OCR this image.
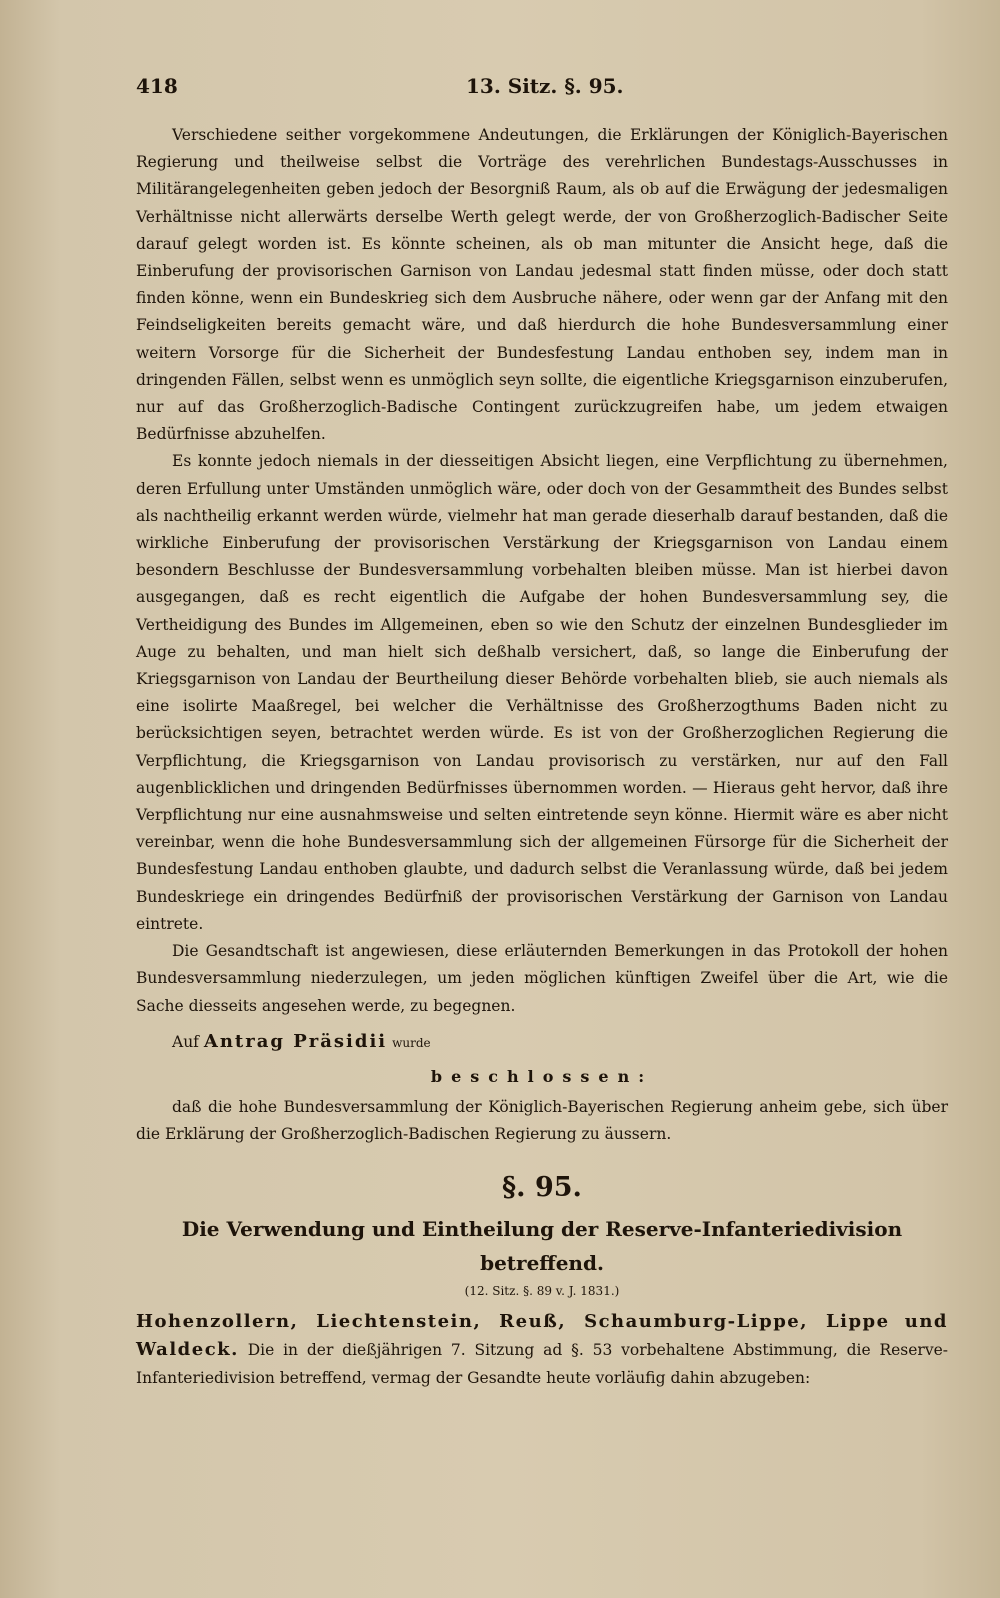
418	13. Sitz. §. 95.

Verschiedene seither vorgekommene Andeutungen, die Erklärungen der Königlich-Bayerischen Regierung und theilweise selbst die Vorträge des verehrlichen Bundestags-Ausschusses in Militärangelegenheiten geben jedoch der Besorgniß Raum, als ob auf die Erwägung der jedesmaligen Verhältnisse nicht allerwärts derselbe Werth gelegt werde, der von Großherzoglich-Badischer Seite darauf gelegt worden ist. Es könnte scheinen, als ob man mitunter die Ansicht hege, daß die Einberufung der provisorischen Garnison von Landau jedesmal statt finden müsse, oder doch statt finden könne, wenn ein Bundeskrieg sich dem Ausbruche nähere, oder wenn gar der Anfang mit den Feindseligkeiten bereits gemacht wäre, und daß hierdurch die hohe Bundesversammlung einer weitern Vorsorge für die Sicherheit der Bundesfestung Landau enthoben sey, indem man in dringenden Fällen, selbst wenn es unmöglich seyn sollte, die eigentliche Kriegsgarnison einzuberufen, nur auf das Großherzoglich-Badische Contingent zurückzugreifen habe, um jedem etwaigen Bedürfnisse abzuhelfen.

Es konnte jedoch niemals in der diesseitigen Absicht liegen, eine Verpflichtung zu übernehmen, deren Erfullung unter Umständen unmöglich wäre, oder doch von der Gesammtheit des Bundes selbst als nachtheilig erkannt werden würde, vielmehr hat man gerade dieserhalb darauf bestanden, daß die wirkliche Einberufung der provisorischen Verstärkung der Kriegsgarnison von Landau einem besondern Beschlusse der Bundesversammlung vorbehalten bleiben müsse. Man ist hierbei davon ausgegangen, daß es recht eigentlich die Aufgabe der hohen Bundesversammlung sey, die Vertheidigung des Bundes im Allgemeinen, eben so wie den Schutz der einzelnen Bundesglieder im Auge zu behalten, und man hielt sich deßhalb versichert, daß, so lange die Einberufung der Kriegsgarnison von Landau der Beurtheilung dieser Behörde vorbehalten blieb, sie auch niemals als eine isolirte Maaßregel, bei welcher die Verhältnisse des Großherzogthums Baden nicht zu berücksichtigen seyen, betrachtet werden würde. Es ist von der Großherzoglichen Regierung die Verpflichtung, die Kriegsgarnison von Landau provisorisch zu verstärken, nur auf den Fall augenblicklichen und dringenden Bedürfnisses übernommen worden. — Hieraus geht hervor, daß ihre Verpflichtung nur eine ausnahmsweise und selten eintretende seyn könne. Hiermit wäre es aber nicht vereinbar, wenn die hohe Bundesversammlung sich der allgemeinen Fürsorge für die Sicherheit der Bundesfestung Landau enthoben glaubte, und dadurch selbst die Veranlassung würde, daß bei jedem Bundeskriege ein dringendes Bedürfniß der provisorischen Verstärkung der Garnison von Landau eintrete.

Die Gesandtschaft ist angewiesen, diese erläuternden Bemerkungen in das Protokoll der hohen Bundesversammlung niederzulegen, um jeden möglichen künftigen Zweifel über die Art, wie die Sache diesseits angesehen werde, zu begegnen.

Auf Antrag Präsidii wurde

beschlossen:

daß die hohe Bundesversammlung der Königlich-Bayerischen Regierung anheim gebe, sich über die Erklärung der Großherzoglich-Badischen Regierung zu äussern.

§. 95.

Die Verwendung und Eintheilung der Reserve-Infanteriedivision betreffend.

(12. Sitz. §. 89 v. J. 1831.)

Hohenzollern, Liechtenstein, Reuß, Schaumburg-Lippe, Lippe und Waldeck. Die in der dießjährigen 7. Sitzung ad §. 53 vorbehaltene Abstimmung, die Reserve-Infanteriedivision betreffend, vermag der Gesandte heute vorläufig dahin abzugeben:
